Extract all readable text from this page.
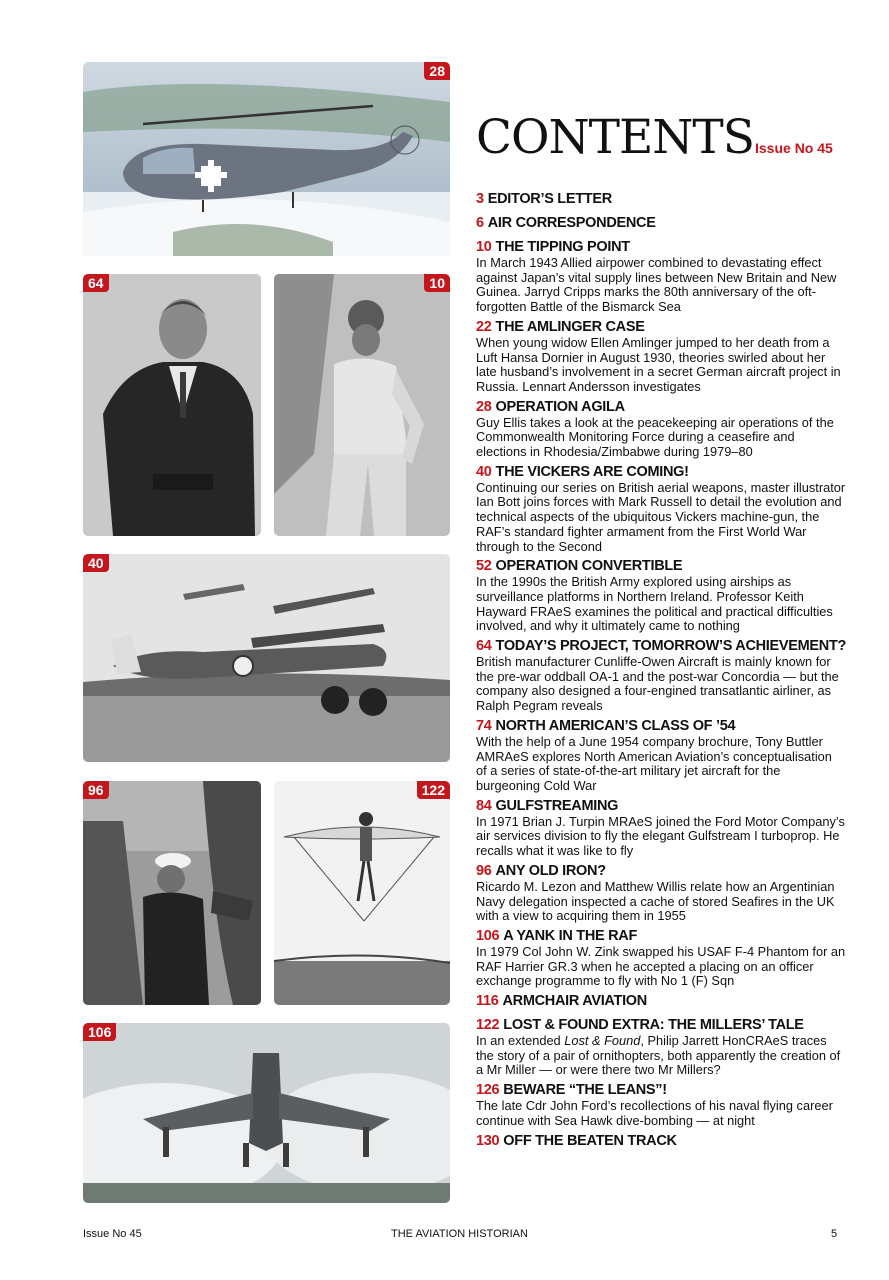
28
64	10
40
96	122
106
CONTENTS Issue No 45
3 EDITOR’S LETTER
6 AIR CORRESPONDENCE
10 THE TIPPING POINT
In March 1943 Allied airpower combined to devastating effect against Japan’s vital supply lines between New Britain and New Guinea. Jarryd Cripps marks the 80th anniversary of the oft-forgotten Battle of the Bismarck Sea
22 THE AMLINGER CASE
When young widow Ellen Amlinger jumped to her death from a Luft Hansa Dornier in August 1930, theories swirled about her late husband’s involvement in a secret German aircraft project in Russia. Lennart Andersson investigates
28 OPERATION AGILA
Guy Ellis takes a look at the peacekeeping air operations of the Commonwealth Monitoring Force during a ceasefire and elections in Rhodesia/Zimbabwe during 1979–80
40 THE VICKERS ARE COMING!
Continuing our series on British aerial weapons, master illustrator Ian Bott joins forces with Mark Russell to detail the evolution and technical aspects of the ubiquitous Vickers machine-gun, the RAF’s standard fighter armament from the First World War through to the Second
52 OPERATION CONVERTIBLE
In the 1990s the British Army explored using airships as surveillance platforms in Northern Ireland. Professor Keith Hayward FRAeS examines the political and practical difficulties involved, and why it ultimately came to nothing
64 TODAY’S PROJECT, TOMORROW’S ACHIEVEMENT?
British manufacturer Cunliffe-Owen Aircraft is mainly known for the pre-war oddball OA-1 and the post-war Concordia — but the company also designed a four-engined transatlantic airliner, as Ralph Pegram reveals
74 NORTH AMERICAN’S CLASS OF ’54
With the help of a June 1954 company brochure, Tony Buttler AMRAeS explores North American Aviation’s conceptualisation of a series of state-of-the-art military jet aircraft for the burgeoning Cold War
84 GULFSTREAMING
In 1971 Brian J. Turpin MRAeS joined the Ford Motor Company’s air services division to fly the elegant Gulfstream I turboprop. He recalls what it was like to fly
96 ANY OLD IRON?
Ricardo M. Lezon and Matthew Willis relate how an Argentinian Navy delegation inspected a cache of stored Seafires in the UK with a view to acquiring them in 1955
106 A YANK IN THE RAF
In 1979 Col John W. Zink swapped his USAF F-4 Phantom for an RAF Harrier GR.3 when he accepted a placing on an officer exchange programme to fly with No 1 (F) Sqn
116 ARMCHAIR AVIATION
122 LOST & FOUND EXTRA: THE MILLERS’ TALE
In an extended Lost & Found, Philip Jarrett HonCRAeS traces the story of a pair of ornithopters, both apparently the creation of a Mr Miller — or were there two Mr Millers?
126 BEWARE “THE LEANS”!
The late Cdr John Ford’s recollections of his naval flying career continue with Sea Hawk dive-bombing — at night
130 OFF THE BEATEN TRACK
Issue No 45	THE AVIATION HISTORIAN	5
